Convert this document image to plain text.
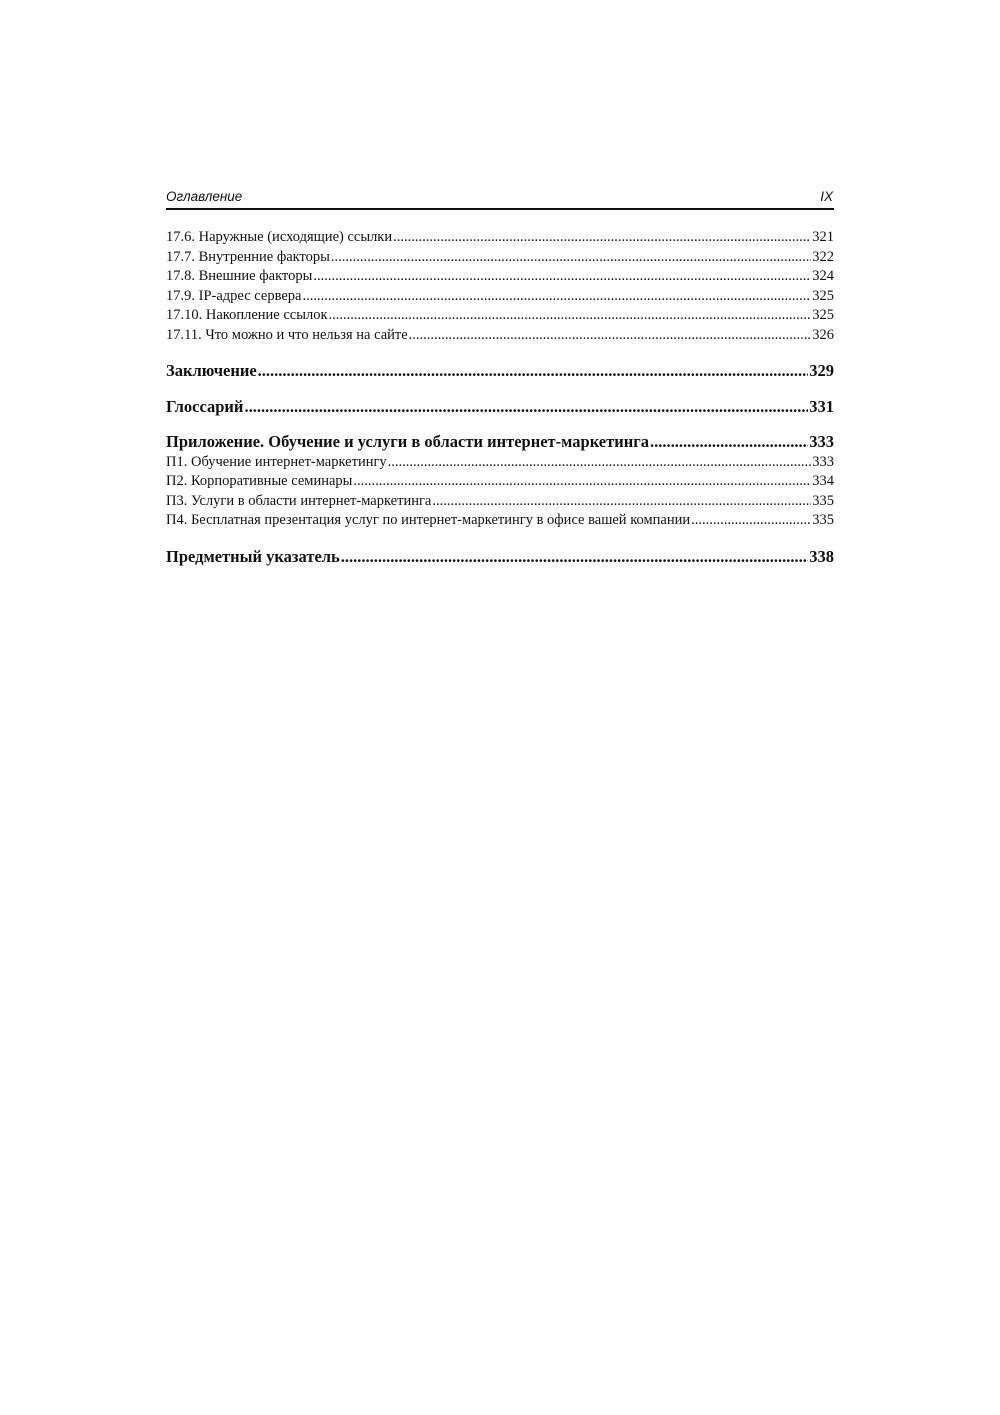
Оглавление	IX
17.6. Наружные (исходящие) ссылки .....	321
17.7. Внутренние факторы .....	322
17.8. Внешние факторы .....	324
17.9. IP-адрес сервера .....	325
17.10. Накопление ссылок .....	325
17.11. Что можно и что нельзя на сайте .....	326
Заключение .....	329
Глоссарий .....	331
Приложение. Обучение и услуги в области интернет-маркетинга .....	333
П1. Обучение интернет-маркетингу .....	333
П2. Корпоративные семинары .....	334
П3. Услуги в области интернет-маркетинга .....	335
П4. Бесплатная презентация услуг по интернет-маркетингу в офисе вашей компании .....	335
Предметный указатель .....	338
